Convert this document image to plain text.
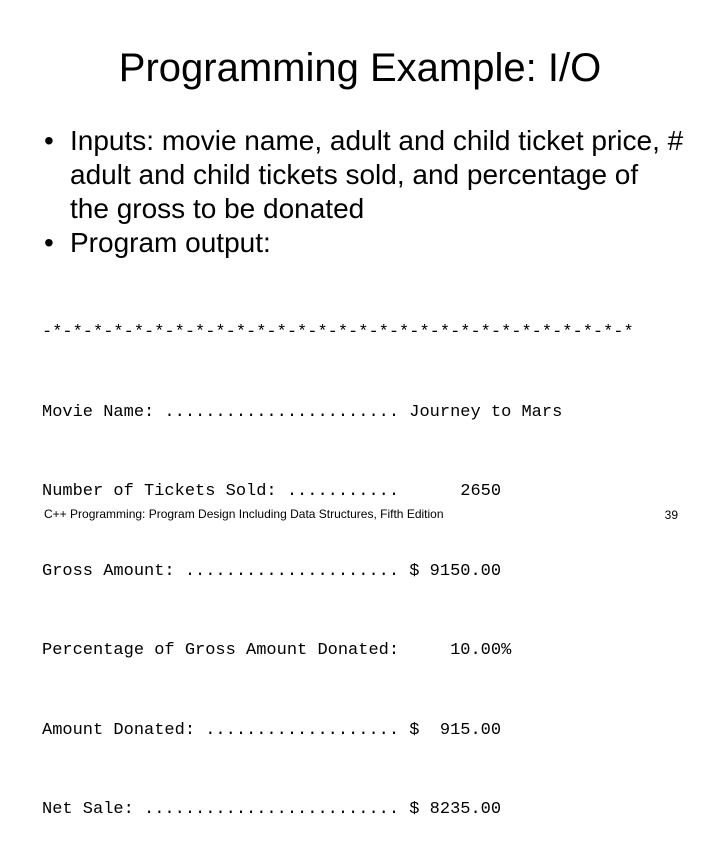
Programming Example: I/O
• Inputs: movie name, adult and child ticket price, # adult and child tickets sold, and percentage of the gross to be donated
• Program output:

-*-*-*-*-*-*-*-*-*-*-*-*-*-*-*-*-*-*-*-*-*-*-*-*-*-*-*-*-*

Movie Name: ....................... Journey to Mars

Number of Tickets Sold: ...........      2650

Gross Amount: ..................... $ 9150.00

Percentage of Gross Amount Donated:     10.00%

Amount Donated: ................... $  915.00

Net Sale: ......................... $ 8235.00

C++ Programming: Program Design Including Data Structures, Fifth Edition	39
